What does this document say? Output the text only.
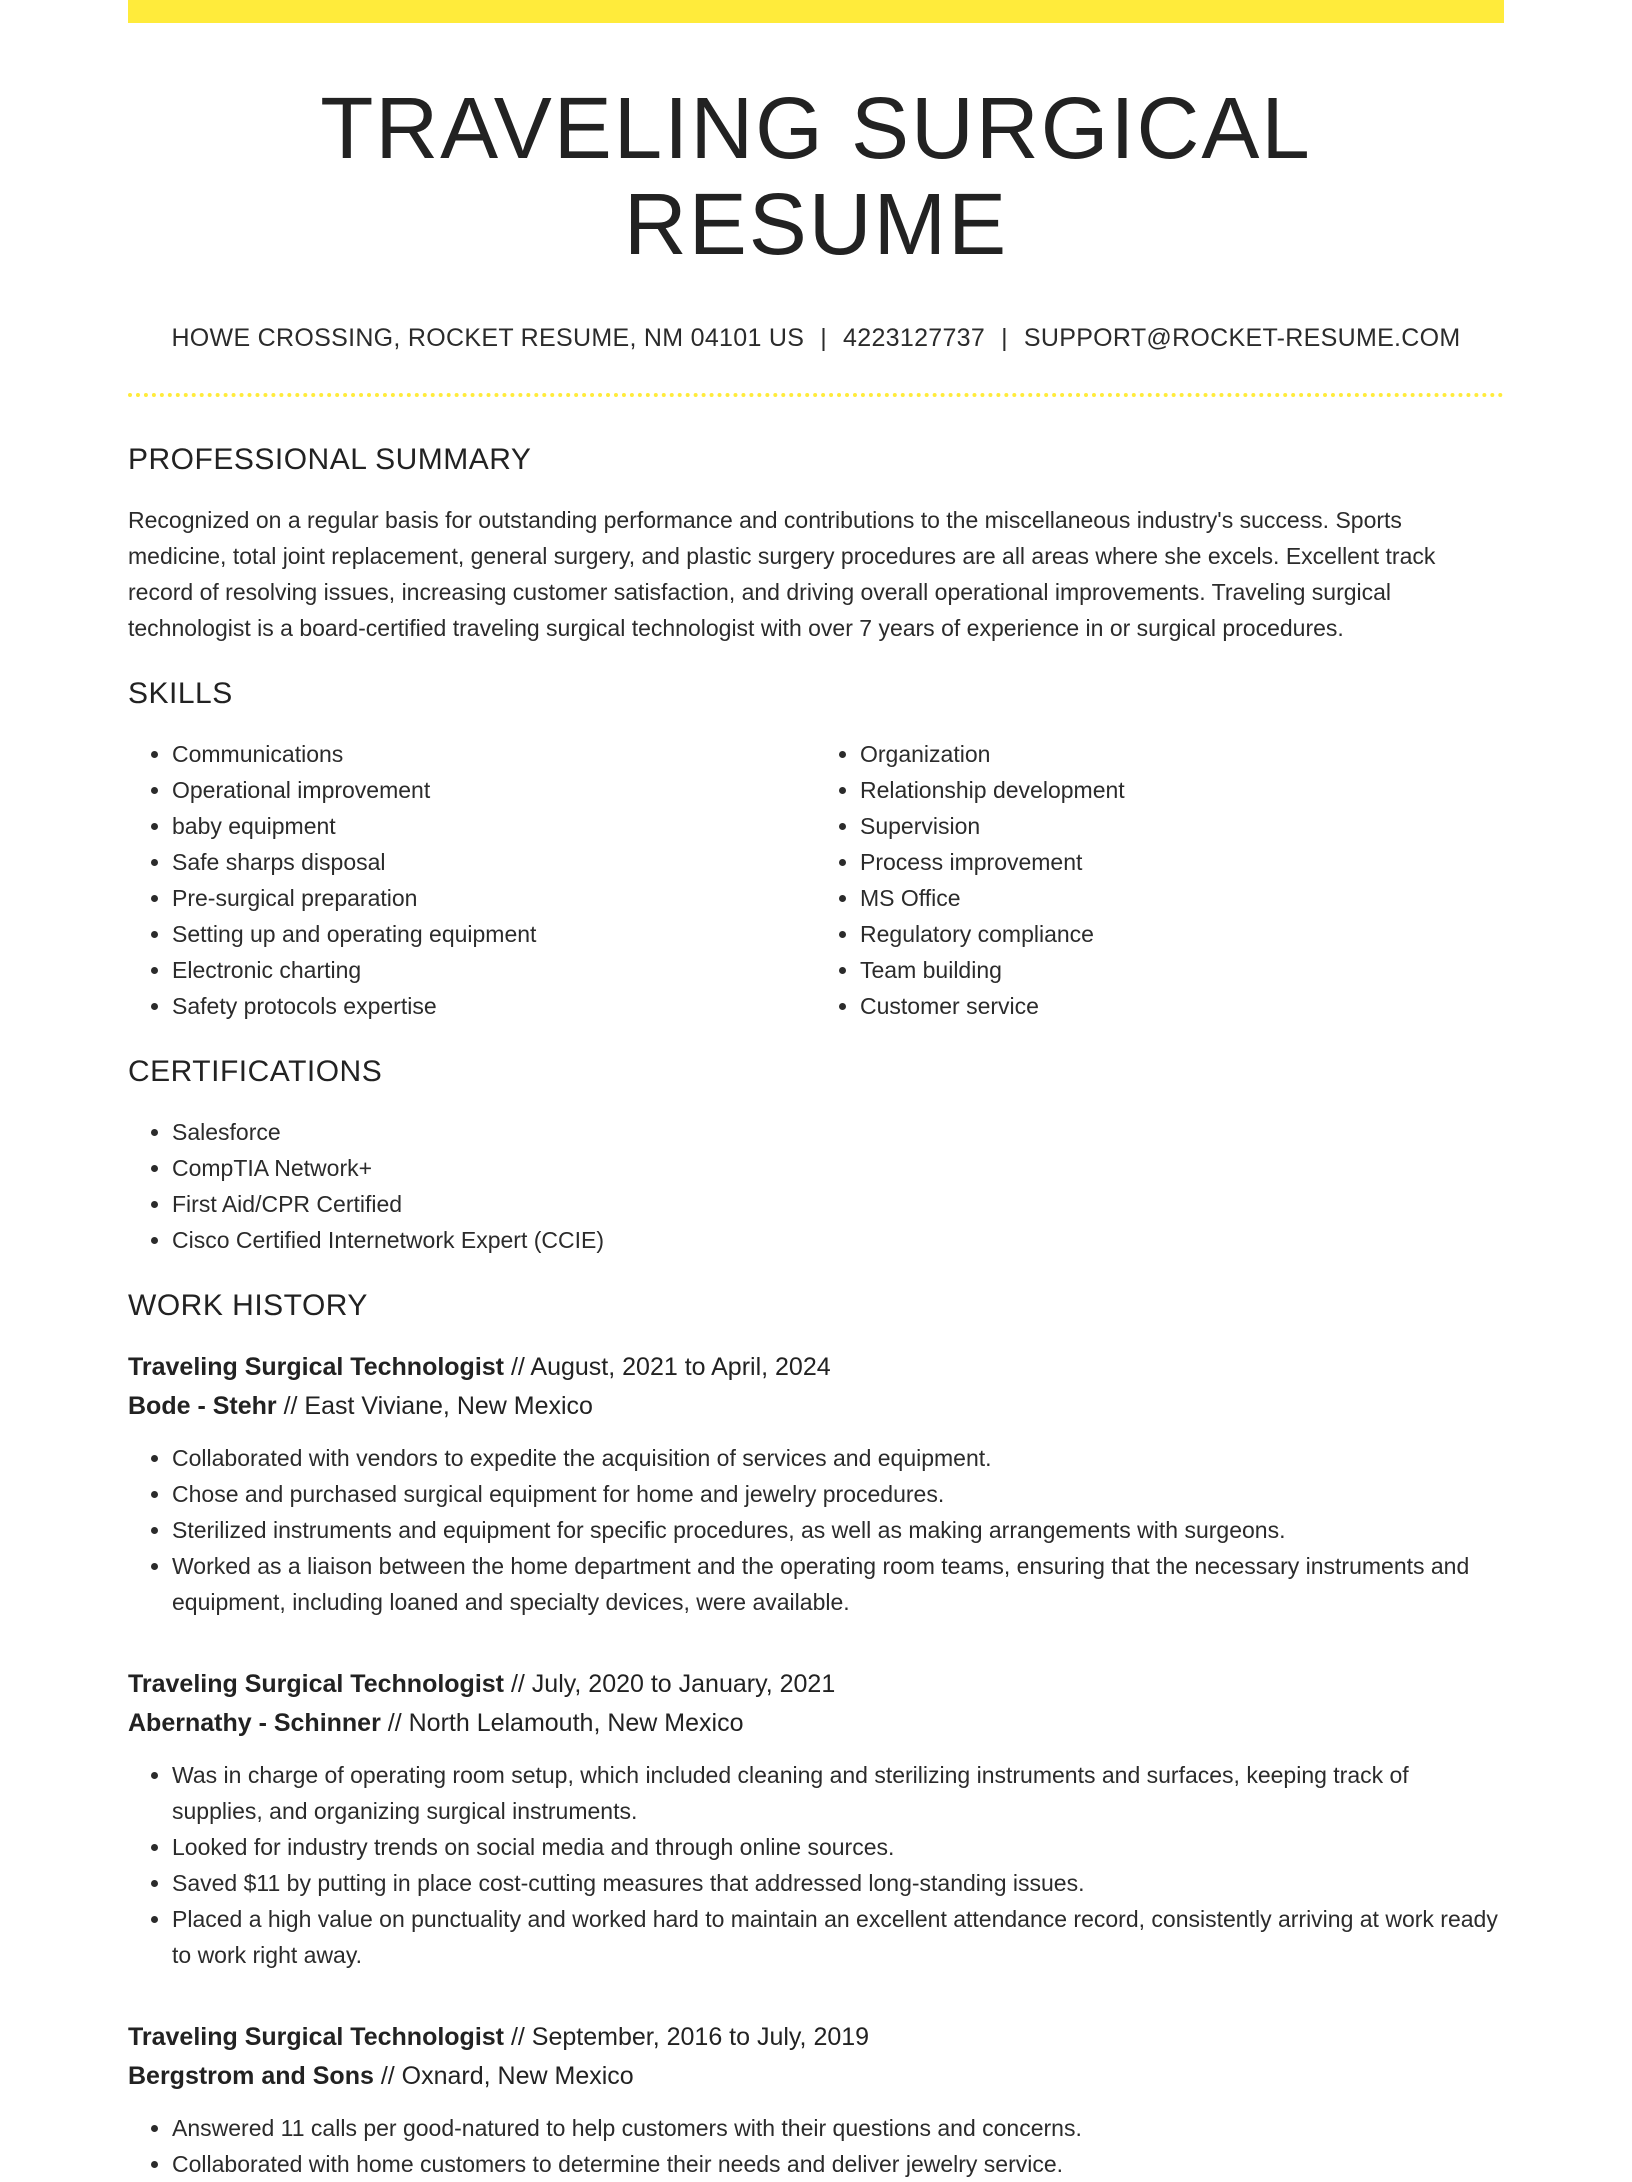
TRAVELING SURGICAL RESUME
HOWE CROSSING, ROCKET RESUME, NM 04101 US | 4223127737 | SUPPORT@ROCKET-RESUME.COM
PROFESSIONAL SUMMARY
Recognized on a regular basis for outstanding performance and contributions to the miscellaneous industry's success. Sports medicine, total joint replacement, general surgery, and plastic surgery procedures are all areas where she excels. Excellent track record of resolving issues, increasing customer satisfaction, and driving overall operational improvements. Traveling surgical technologist is a board-certified traveling surgical technologist with over 7 years of experience in or surgical procedures.
SKILLS
• Communications
• Operational improvement
• baby equipment
• Safe sharps disposal
• Pre-surgical preparation
• Setting up and operating equipment
• Electronic charting
• Safety protocols expertise
• Organization
• Relationship development
• Supervision
• Process improvement
• MS Office
• Regulatory compliance
• Team building
• Customer service
CERTIFICATIONS
• Salesforce
• CompTIA Network+
• First Aid/CPR Certified
• Cisco Certified Internetwork Expert (CCIE)
WORK HISTORY
Traveling Surgical Technologist // August, 2021 to April, 2024
Bode - Stehr // East Viviane, New Mexico
• Collaborated with vendors to expedite the acquisition of services and equipment.
• Chose and purchased surgical equipment for home and jewelry procedures.
• Sterilized instruments and equipment for specific procedures, as well as making arrangements with surgeons.
• Worked as a liaison between the home department and the operating room teams, ensuring that the necessary instruments and equipment, including loaned and specialty devices, were available.
Traveling Surgical Technologist // July, 2020 to January, 2021
Abernathy - Schinner // North Lelamouth, New Mexico
• Was in charge of operating room setup, which included cleaning and sterilizing instruments and surfaces, keeping track of supplies, and organizing surgical instruments.
• Looked for industry trends on social media and through online sources.
• Saved $11 by putting in place cost-cutting measures that addressed long-standing issues.
• Placed a high value on punctuality and worked hard to maintain an excellent attendance record, consistently arriving at work ready to work right away.
Traveling Surgical Technologist // September, 2016 to July, 2019
Bergstrom and Sons // Oxnard, New Mexico
• Answered 11 calls per good-natured to help customers with their questions and concerns.
• Collaborated with home customers to determine their needs and deliver jewelry service.
